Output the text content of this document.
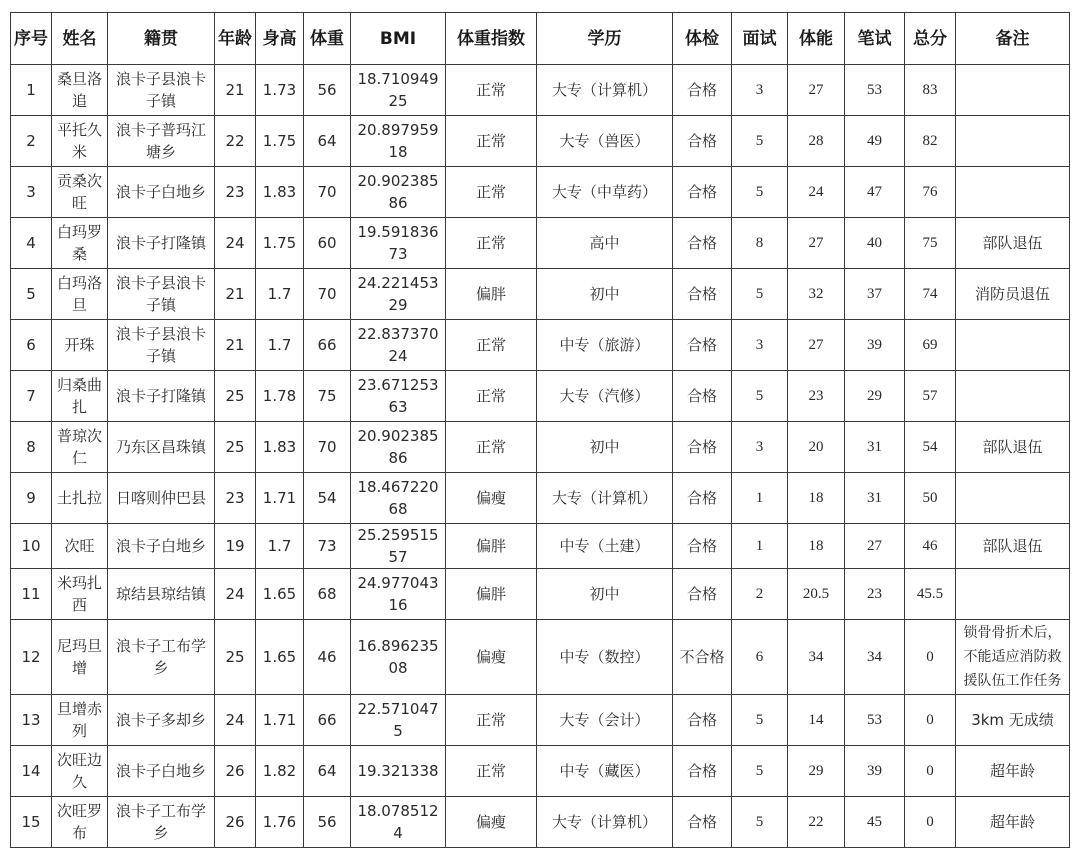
序号	姓名	籍贯	年龄	身高	体重	BMI	体重指数	学历	体检	面试	体能	笔试	总分	备注
1	桑旦洛追	浪卡子县浪卡子镇	21	1.73	56	18.71094925	正常	大专（计算机）	合格	3	27	53	83	
2	平托久米	浪卡子普玛江塘乡	22	1.75	64	20.89795918	正常	大专（兽医）	合格	5	28	49	82	
3	贡桑次旺	浪卡子白地乡	23	1.83	70	20.90238586	正常	大专（中草药）	合格	5	24	47	76	
4	白玛罗桑	浪卡子打隆镇	24	1.75	60	19.59183673	正常	高中	合格	8	27	40	75	部队退伍
5	白玛洛旦	浪卡子县浪卡子镇	21	1.7	70	24.22145329	偏胖	初中	合格	5	32	37	74	消防员退伍
6	开珠	浪卡子县浪卡子镇	21	1.7	66	22.83737024	正常	中专（旅游）	合格	3	27	39	69	
7	归桑曲扎	浪卡子打隆镇	25	1.78	75	23.67125363	正常	大专（汽修）	合格	5	23	29	57	
8	普琼次仁	乃东区昌珠镇	25	1.83	70	20.90238586	正常	初中	合格	3	20	31	54	部队退伍
9	土扎拉	日喀则仲巴县	23	1.71	54	18.46722068	偏瘦	大专（计算机）	合格	1	18	31	50	
10	次旺	浪卡子白地乡	19	1.7	73	25.25951557	偏胖	中专（土建）	合格	1	18	27	46	部队退伍
11	米玛扎西	琼结县琼结镇	24	1.65	68	24.97704316	偏胖	初中	合格	2	20.5	23	45.5	
12	尼玛旦增	浪卡子工布学乡	25	1.65	46	16.89623508	偏瘦	中专（数控）	不合格	6	34	34	0	锁骨骨折术后，不能适应消防救援队伍工作任务
13	旦增赤列	浪卡子多却乡	24	1.71	66	22.5710475	正常	大专（会计）	合格	5	14	53	0	3km 无成绩
14	次旺边久	浪卡子白地乡	26	1.82	64	19.321338	正常	中专（藏医）	合格	5	29	39	0	超年龄
15	次旺罗布	浪卡子工布学乡	26	1.76	56	18.0785124	偏瘦	大专（计算机）	合格	5	22	45	0	超年龄
